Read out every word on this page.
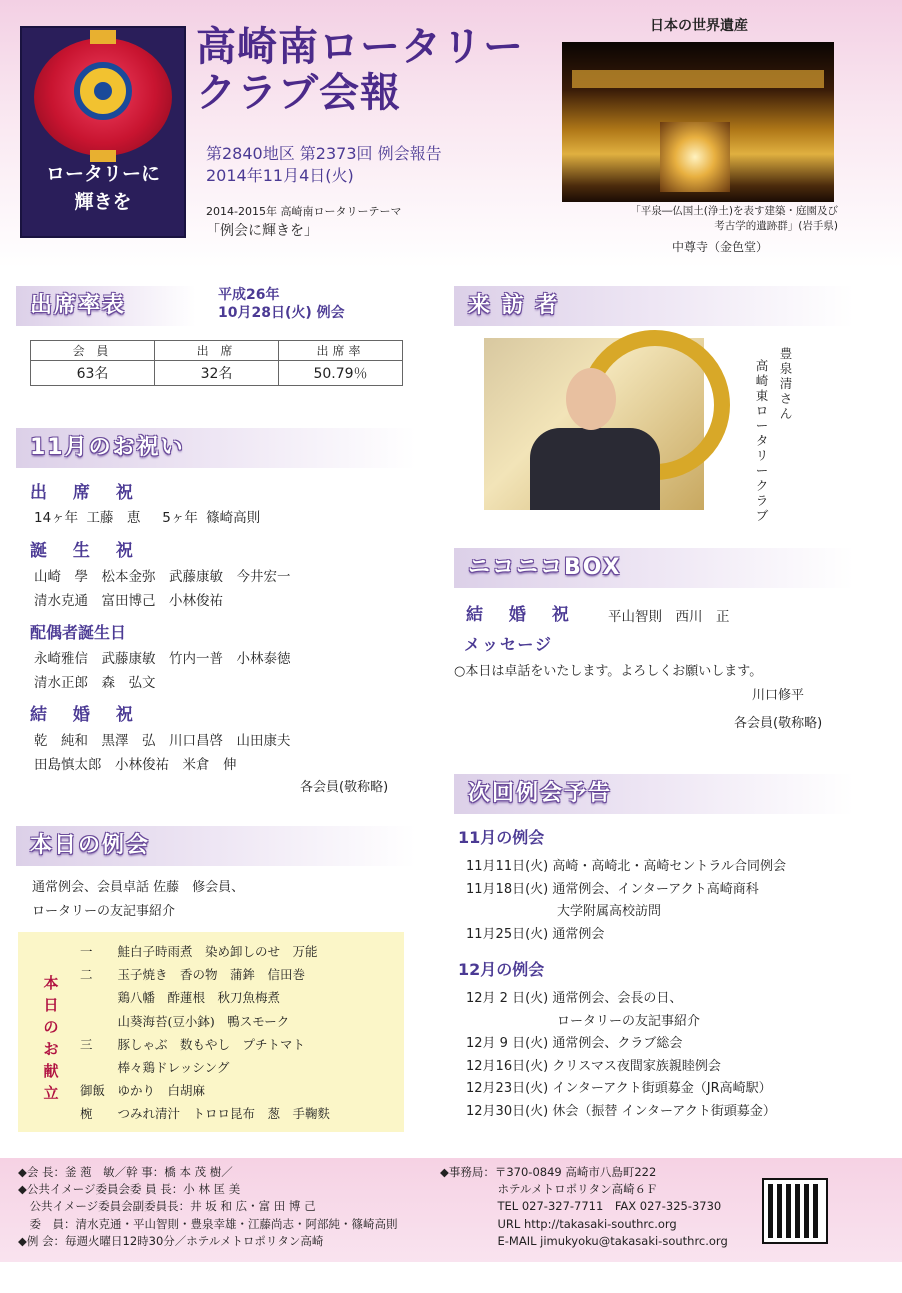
ロータリーに
輝きを
高崎南ロータリー
クラブ会報
第2840地区 第2373回 例会報告
2014年11月4日(火)
2014-2015年 高崎南ロータリーテーマ
「例会に輝きを」
日本の世界遺産
「平泉―仏国土(浄土)を表す建築・庭園及び
考古学的遺跡群」(岩手県)
中尊寺（金色堂）
出席率表	平成26年
10月28日(火) 例会
会 員	出 席	出席率
63名	32名	50.79％
11月のお祝い
出 席 祝
14ヶ年 工藤　恵　 5ヶ年 篠崎高則
誕 生 祝
山崎　學　松本金弥　武藤康敏　今井宏一
清水克通　富田博己　小林俊祐
配偶者誕生日
永崎雅信　武藤康敏　竹内一普　小林泰徳
清水正郎　森　弘文
結 婚 祝
乾　純和　黒澤　弘　川口昌啓　山田康夫
田島慎太郎　小林俊祐　米倉　伸
各会員(敬称略)
本日の例会
通常例会、会員卓話 佐藤　修会員、
ロータリーの友記事紹介
本日のお献立
一　　鮭白子時雨煮　染め卸しのせ　万能
二　　玉子焼き　香の物　蒲鉾　信田巻
　　　鶏八幡　酢蓮根　秋刀魚梅煮
　　　山葵海苔(豆小鉢)　鴨スモーク
三　　豚しゃぶ　数もやし　プチトマト
　　　棒々鶏ドレッシング
御飯　ゆかり　白胡麻
椀　　つみれ清汁　トロロ昆布　葱　手鞠麩
来 訪 者
高崎東ロータリークラブ
豊泉　清さん
ニコニコBOX
結 婚 祝 平山智則　西川　正
メッセージ
○本日は卓話をいたします。よろしくお願いします。
川口修平
各会員(敬称略)
次回例会予告
11月の例会
11月11日(火) 高崎・高崎北・高崎セントラル合同例会
11月18日(火) 通常例会、インターアクト高崎商科
　　　　　　　大学附属高校訪問
11月25日(火) 通常例会
12月の例会
12月 2 日(火) 通常例会、会長の日、
　　　　　　　ロータリーの友記事紹介
12月 9 日(火) 通常例会、クラブ総会
12月16日(火) クリスマス夜間家族親睦例会
12月23日(火) インターアクト街頭募金（JR高崎駅）
12月30日(火) 休会（振替 インターアクト街頭募金）
◆会 長：釜 萢　敏／幹 事：橋 本 茂 樹／
◆公共イメージ委員会委 員 長：小 林 匡 美
　公共イメージ委員会副委員長：井 坂 和 広・富 田 博 己
　委　員：清水克通・平山智則・豊泉幸雄・江藤尚志・阿部純・篠崎高則
◆例 会：毎週火曜日12時30分／ホテルメトロポリタン高崎
◆事務局：〒370-0849 高崎市八島町222
　　　　　ホテルメトロポリタン高崎６Ｆ
　　　　　TEL 027-327-7711　FAX 027-325-3730
　　　　　URL http://takasaki-southrc.org
　　　　　E-MAIL jimukyoku@takasaki-southrc.org
